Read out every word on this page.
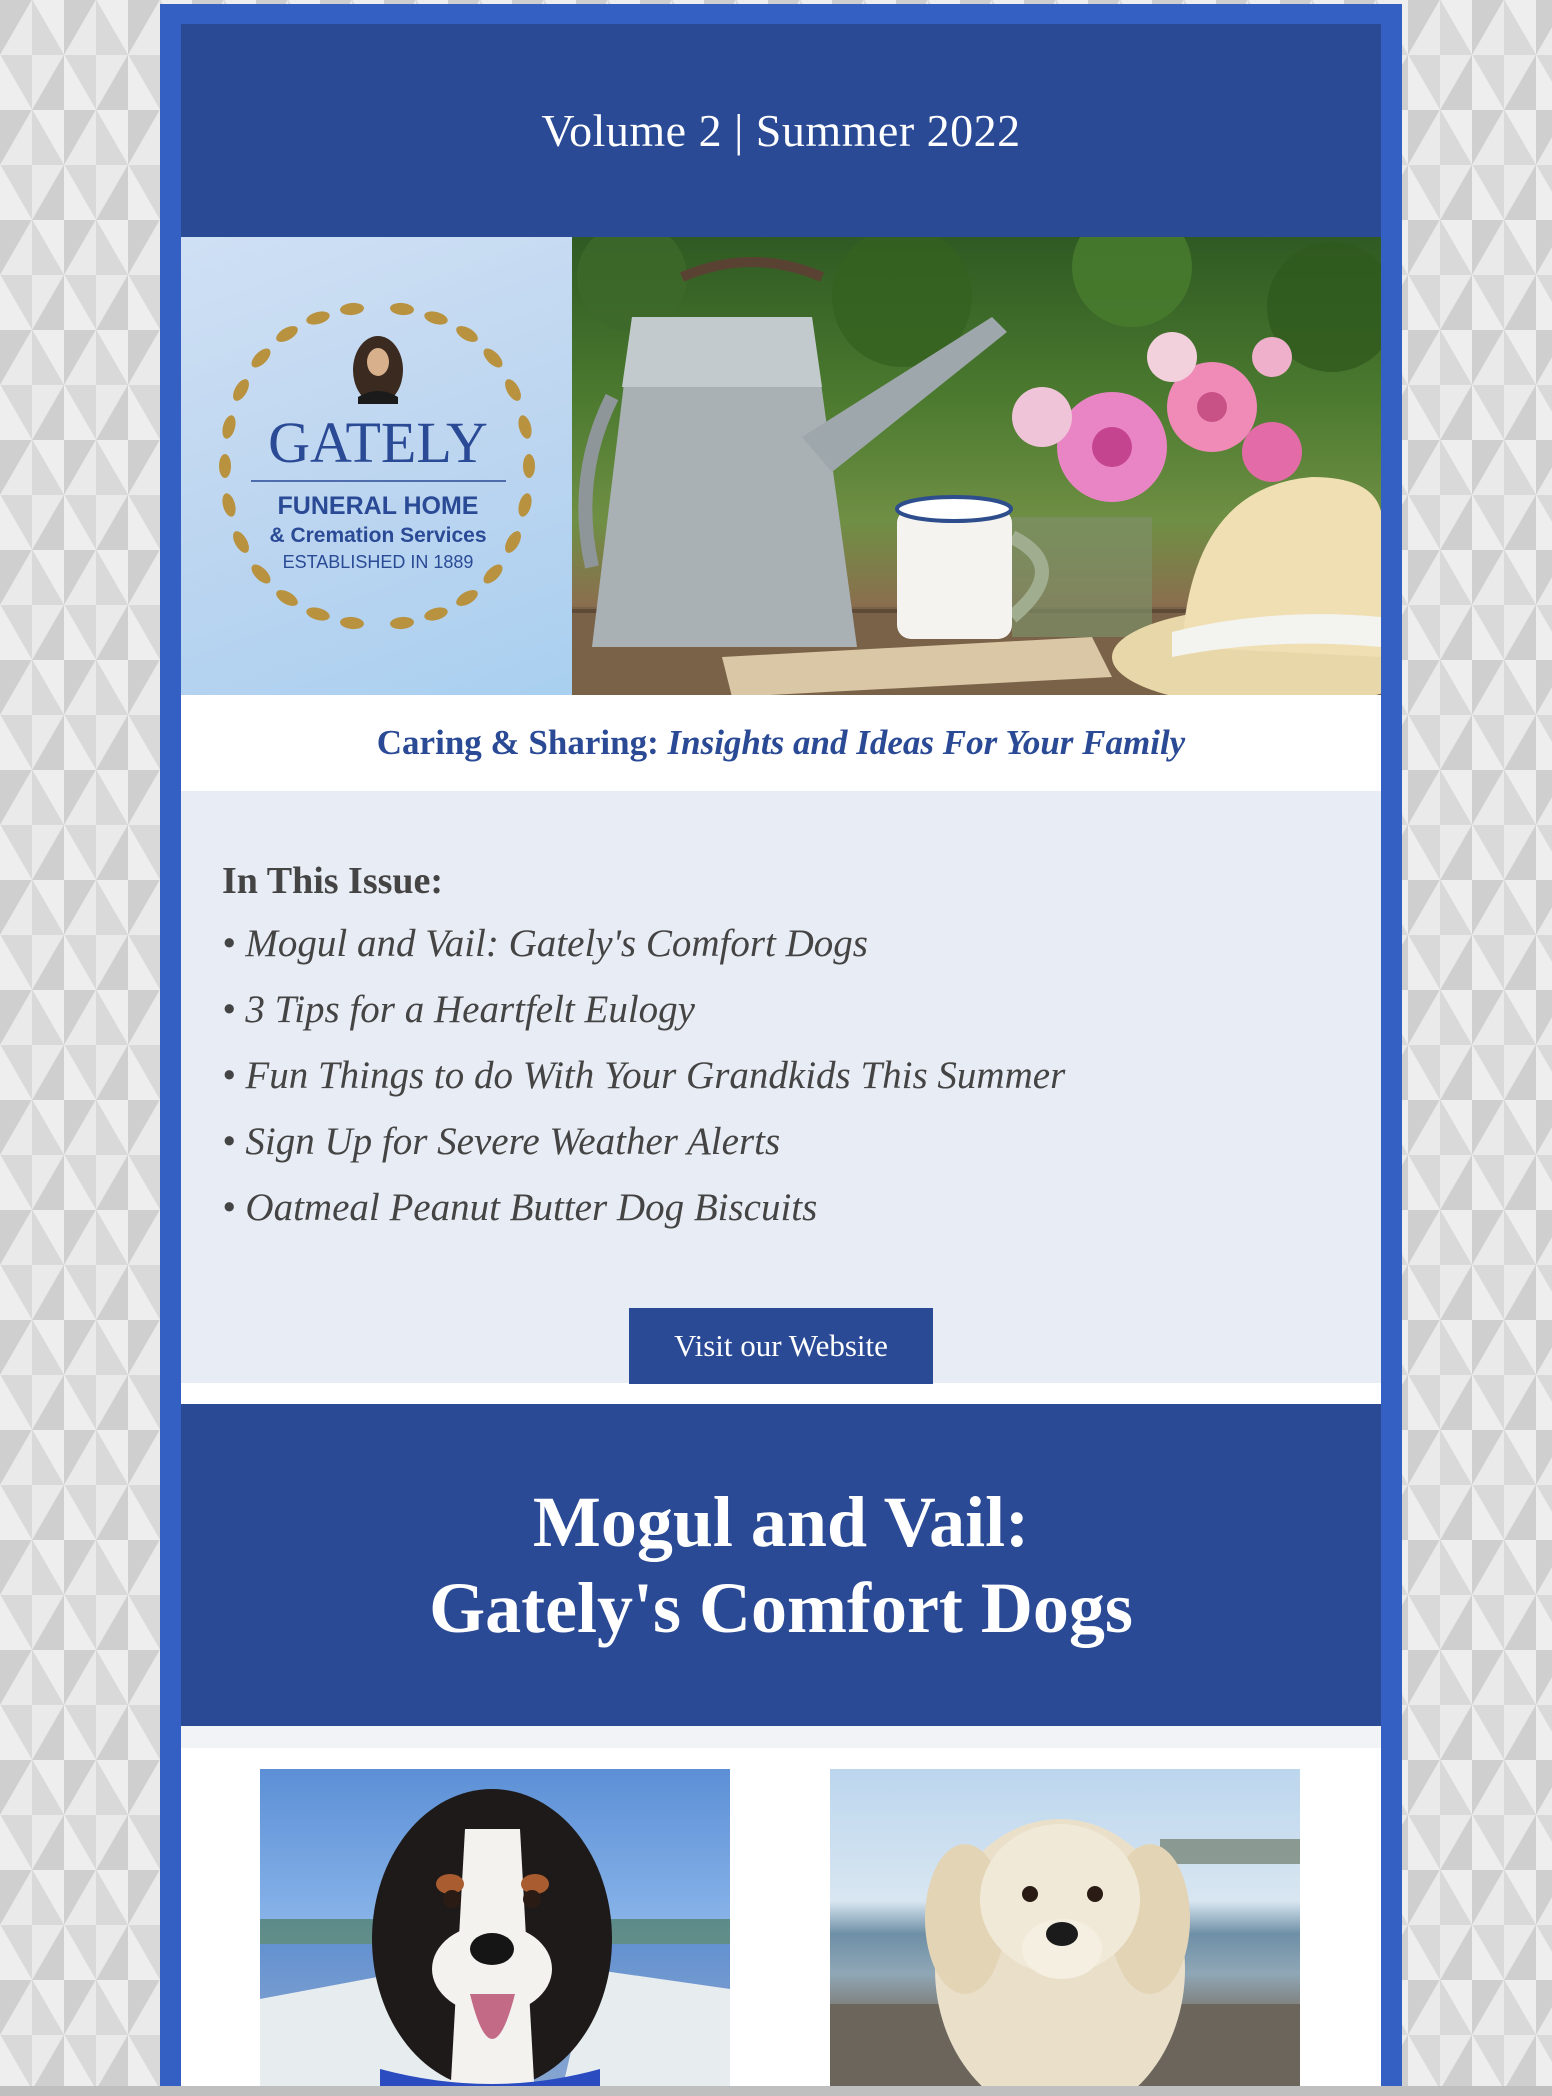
Volume 2 | Summer 2022
GATELY
FUNERAL HOME
& Cremation Services
ESTABLISHED IN 1889
Caring & Sharing:
Insights and Ideas For Your Family
In This Issue:
• Mogul and Vail: Gately's Comfort Dogs
• 3 Tips for a Heartfelt Eulogy
• Fun Things to do With Your Grandkids This Summer
• Sign Up for Severe Weather Alerts
• Oatmeal Peanut Butter Dog Biscuits
Visit our Website
Mogul and Vail:
Gately's Comfort Dogs
